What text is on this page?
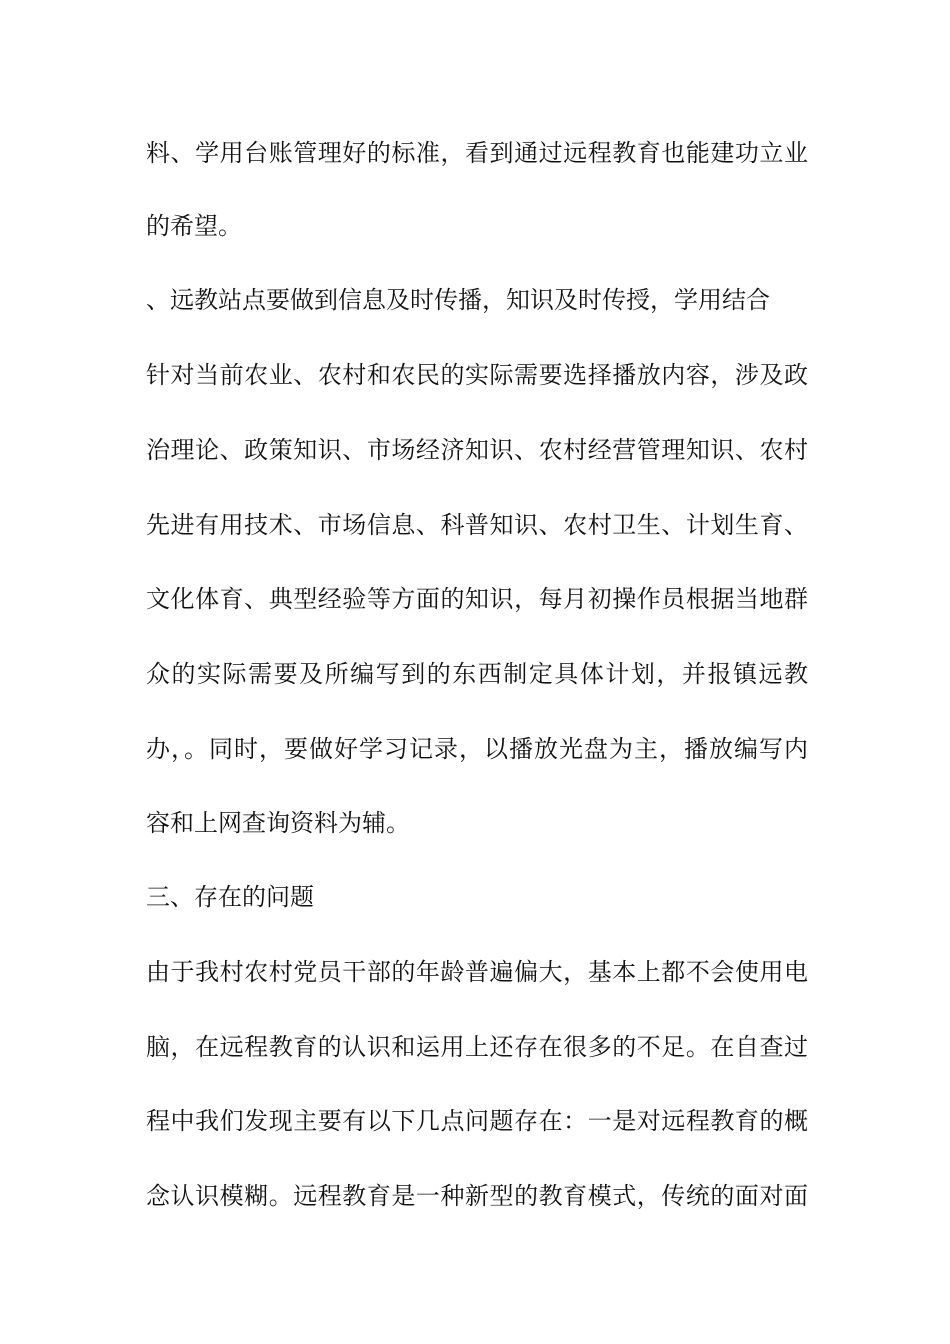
料、学用台账管理好的标准，看到通过远程教育也能建功立业
的希望。
、远教站点要做到信息及时传播，知识及时传授，学用结合
针对当前农业、农村和农民的实际需要选择播放内容，涉及政
治理论、政策知识、市场经济知识、农村经营管理知识、农村
先进有用技术、市场信息、科普知识、农村卫生、计划生育、
文化体育、典型经验等方面的知识，每月初操作员根据当地群
众的实际需要及所编写到的东西制定具体计划，并报镇远教
办，。同时，要做好学习记录，以播放光盘为主，播放编写内
容和上网查询资料为辅。
三、存在的问题
由于我村农村党员干部的年龄普遍偏大，基本上都不会使用电
脑，在远程教育的认识和运用上还存在很多的不足。在自查过
程中我们发现主要有以下几点问题存在：一是对远程教育的概
念认识模糊。远程教育是一种新型的教育模式，传统的面对面
